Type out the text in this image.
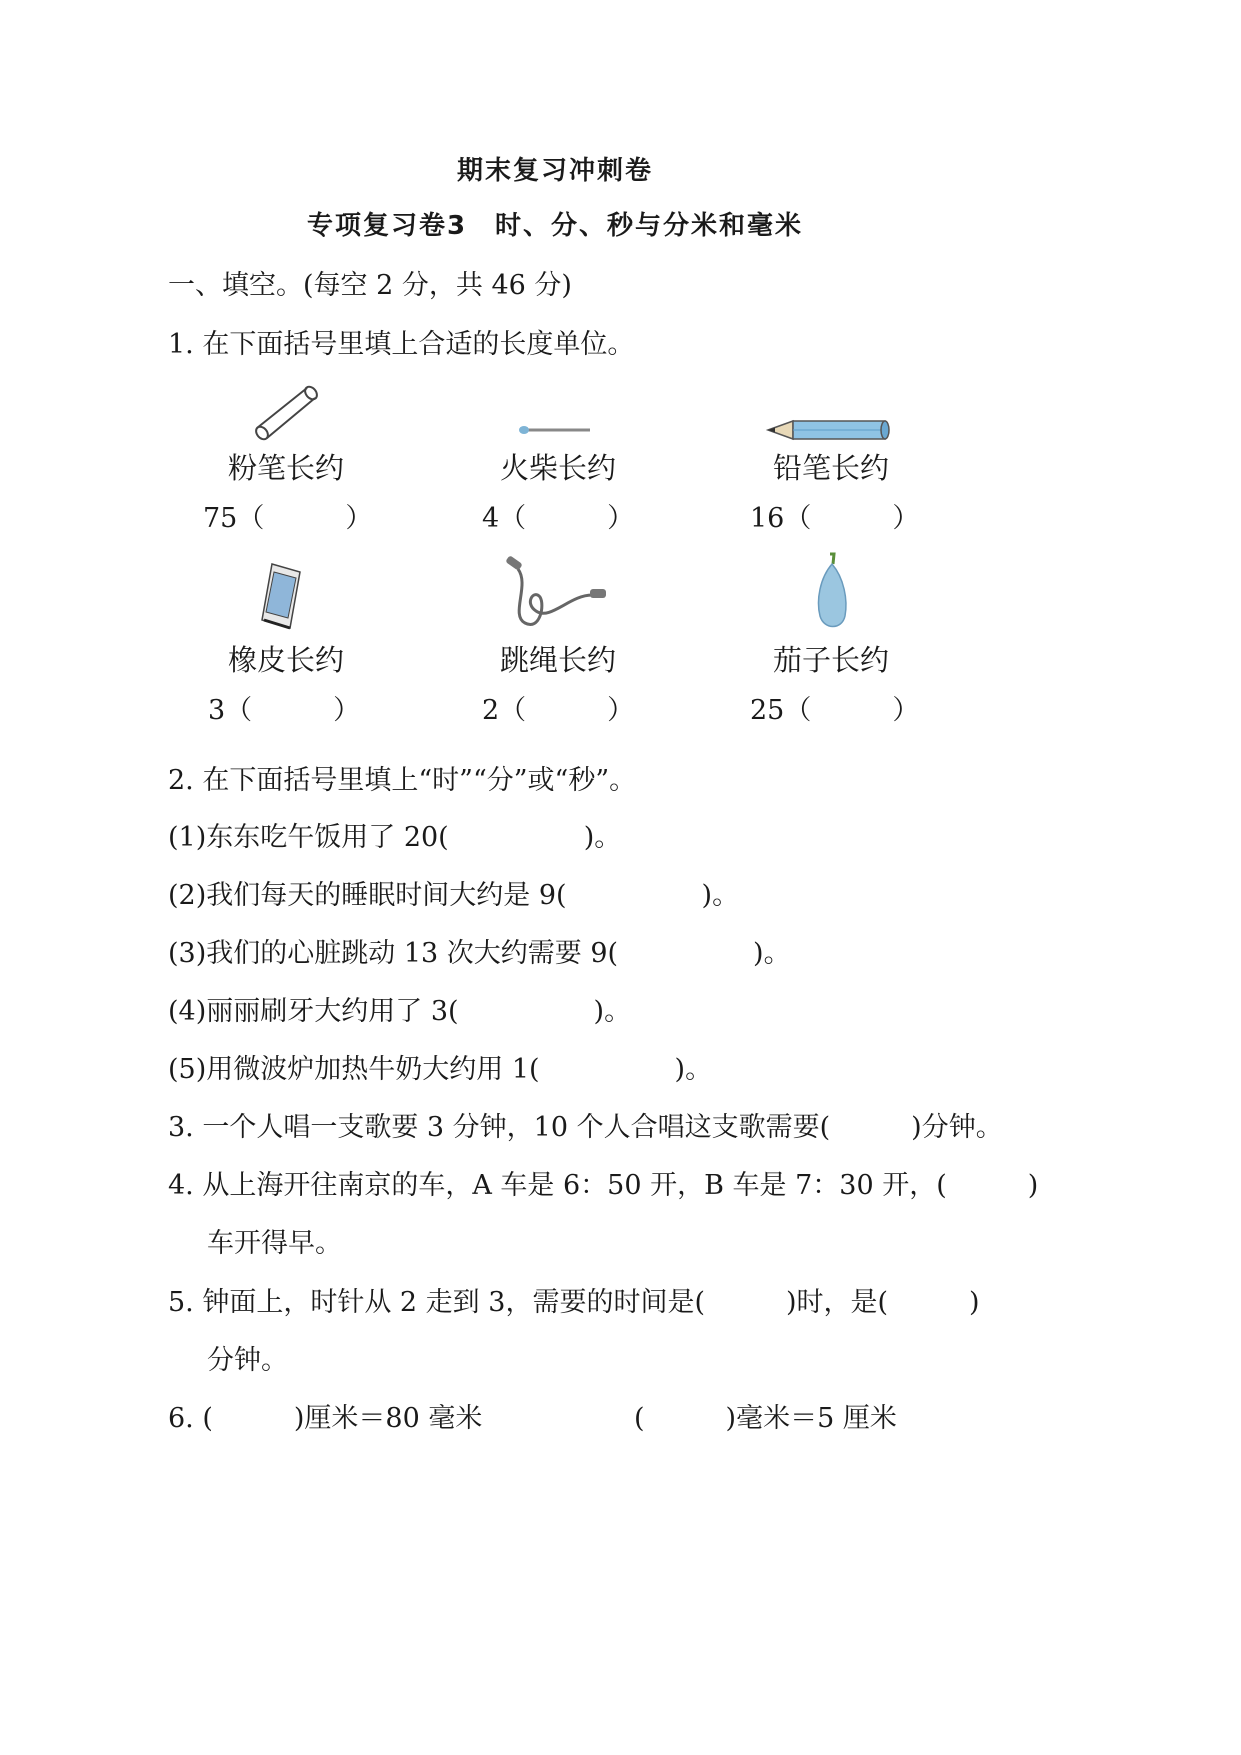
期末复习冲刺卷
专项复习卷3　时、分、秒与分米和毫米
一、填空。(每空 2 分，共 46 分)
1. 在下面括号里填上合适的长度单位。
粉笔长约	火柴长约	铅笔长约
75（　　　）	4（　　　）	16（　　　）
橡皮长约	跳绳长约	茄子长约
3（　　　）	2（　　　）	25（　　　）
2. 在下面括号里填上“时”“分”或“秒”。
(1)东东吃午饭用了 20(　　　　　)。
(2)我们每天的睡眠时间大约是 9(　　　　　)。
(3)我们的心脏跳动 13 次大约需要 9(　　　　　)。
(4)丽丽刷牙大约用了 3(　　　　　)。
(5)用微波炉加热牛奶大约用 1(　　　　　)。
3. 一个人唱一支歌要 3 分钟，10 个人合唱这支歌需要(　　　)分钟。
4. 从上海开往南京的车，A 车是 6：50 开，B 车是 7：30 开，(　　　)
车开得早。
5. 钟面上，时针从 2 走到 3，需要的时间是(　　　)时，是(　　　)
分钟。
6. (　　　)厘米＝80 毫米	(　　　)毫米＝5 厘米
